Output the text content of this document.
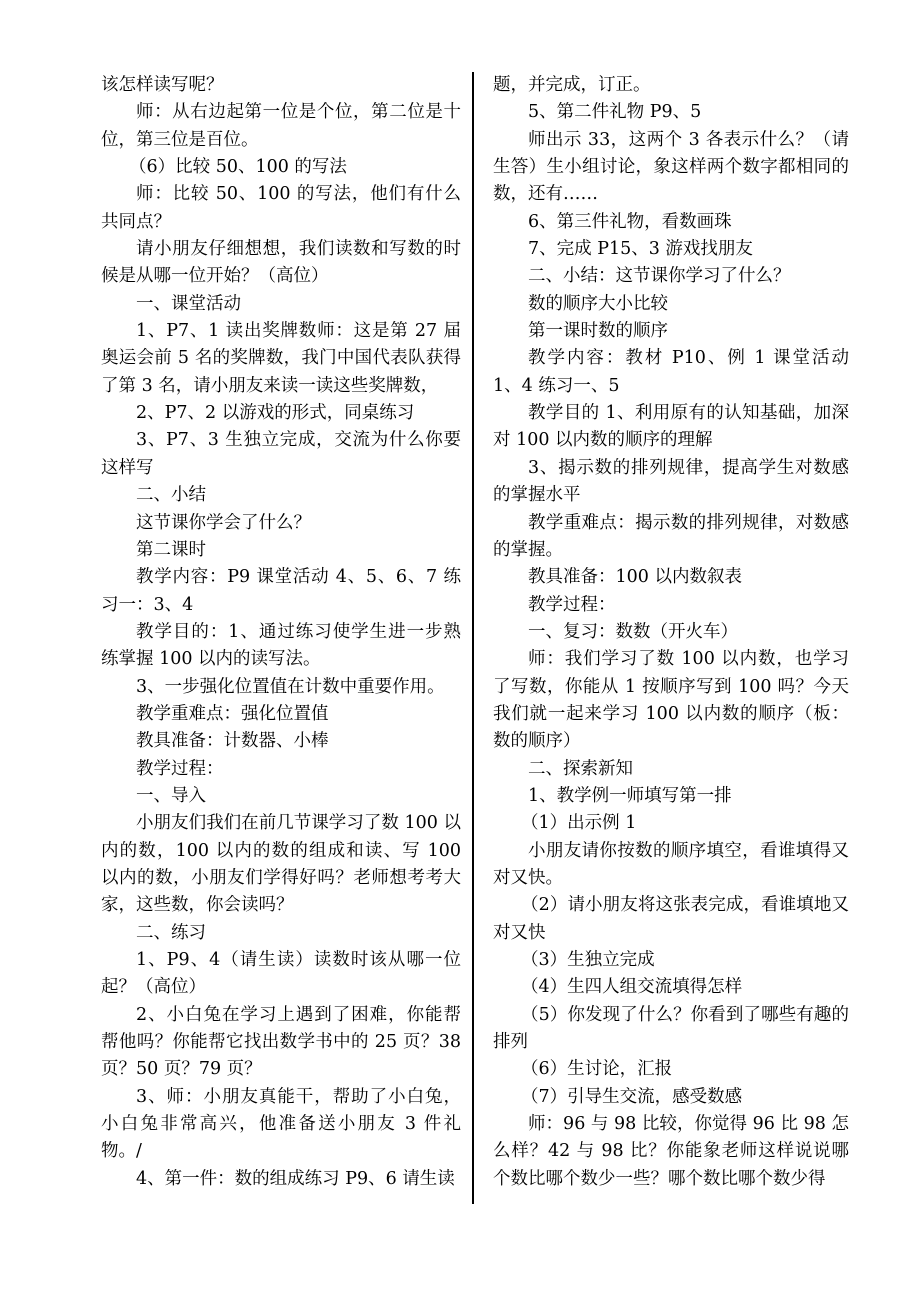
该怎样读写呢？

师：从右边起第一位是个位，第二位是十位，第三位是百位。

（6）比较 50、100 的写法

师：比较 50、100 的写法，他们有什么共同点？

请小朋友仔细想想，我们读数和写数的时候是从哪一位开始？（高位）

一、课堂活动

1、P7、1 读出奖牌数师：这是第 27 届奥运会前 5 名的奖牌数，我门中国代表队获得了第 3 名，请小朋友来读一读这些奖牌数，

2、P7、2 以游戏的形式，同桌练习

3、P7、3 生独立完成，交流为什么你要这样写

二、小结

这节课你学会了什么？

第二课时

教学内容：P9 课堂活动 4、5、6、7 练习一：3、4

教学目的：1、通过练习使学生进一步熟练掌握 100 以内的读写法。

3、一步强化位置值在计数中重要作用。

教学重难点：强化位置值

教具准备：计数器、小棒

教学过程：

一、导入

小朋友们我们在前几节课学习了数 100 以内的数，100 以内的数的组成和读、写 100 以内的数，小朋友们学得好吗？老师想考考大家，这些数，你会读吗？

二、练习

1、P9、4（请生读）读数时该从哪一位起？（高位）

2、小白兔在学习上遇到了困难，你能帮帮他吗？你能帮它找出数学书中的 25 页？38 页？50 页？79 页？

3、师：小朋友真能干，帮助了小白兔，小白兔非常高兴，他准备送小朋友 3 件礼物。/

4、第一件：数的组成练习 P9、6 请生读

题，并完成，订正。

5、第二件礼物 P9、5

师出示 33，这两个 3 各表示什么？（请生答）生小组讨论，象这样两个数字都相同的数，还有……

6、第三件礼物，看数画珠

7、完成 P15、3 游戏找朋友

二、小结：这节课你学习了什么？

数的顺序大小比较

第一课时数的顺序

教学内容：教材 P10、例 1 课堂活动 1、4 练习一、5

教学目的 1、利用原有的认知基础，加深对 100 以内数的顺序的理解

3、揭示数的排列规律，提高学生对数感的掌握水平

教学重难点：揭示数的排列规律，对数感的掌握。

教具准备：100 以内数叙表

教学过程：

一、复习：数数（开火车）

师：我们学习了数 100 以内数，也学习了写数，你能从 1 按顺序写到 100 吗？今天我们就一起来学习 100 以内数的顺序（板：数的顺序）

二、探索新知

1、教学例一师填写第一排

（1）出示例 1

小朋友请你按数的顺序填空，看谁填得又对又快。

（2）请小朋友将这张表完成，看谁填地又对又快

（3）生独立完成

（4）生四人组交流填得怎样

（5）你发现了什么？你看到了哪些有趣的排列

（6）生讨论，汇报

（7）引导生交流，感受数感

师：96 与 98 比较，你觉得 96 比 98 怎么样？42 与 98 比？你能象老师这样说说哪个数比哪个数少一些？哪个数比哪个数少得
